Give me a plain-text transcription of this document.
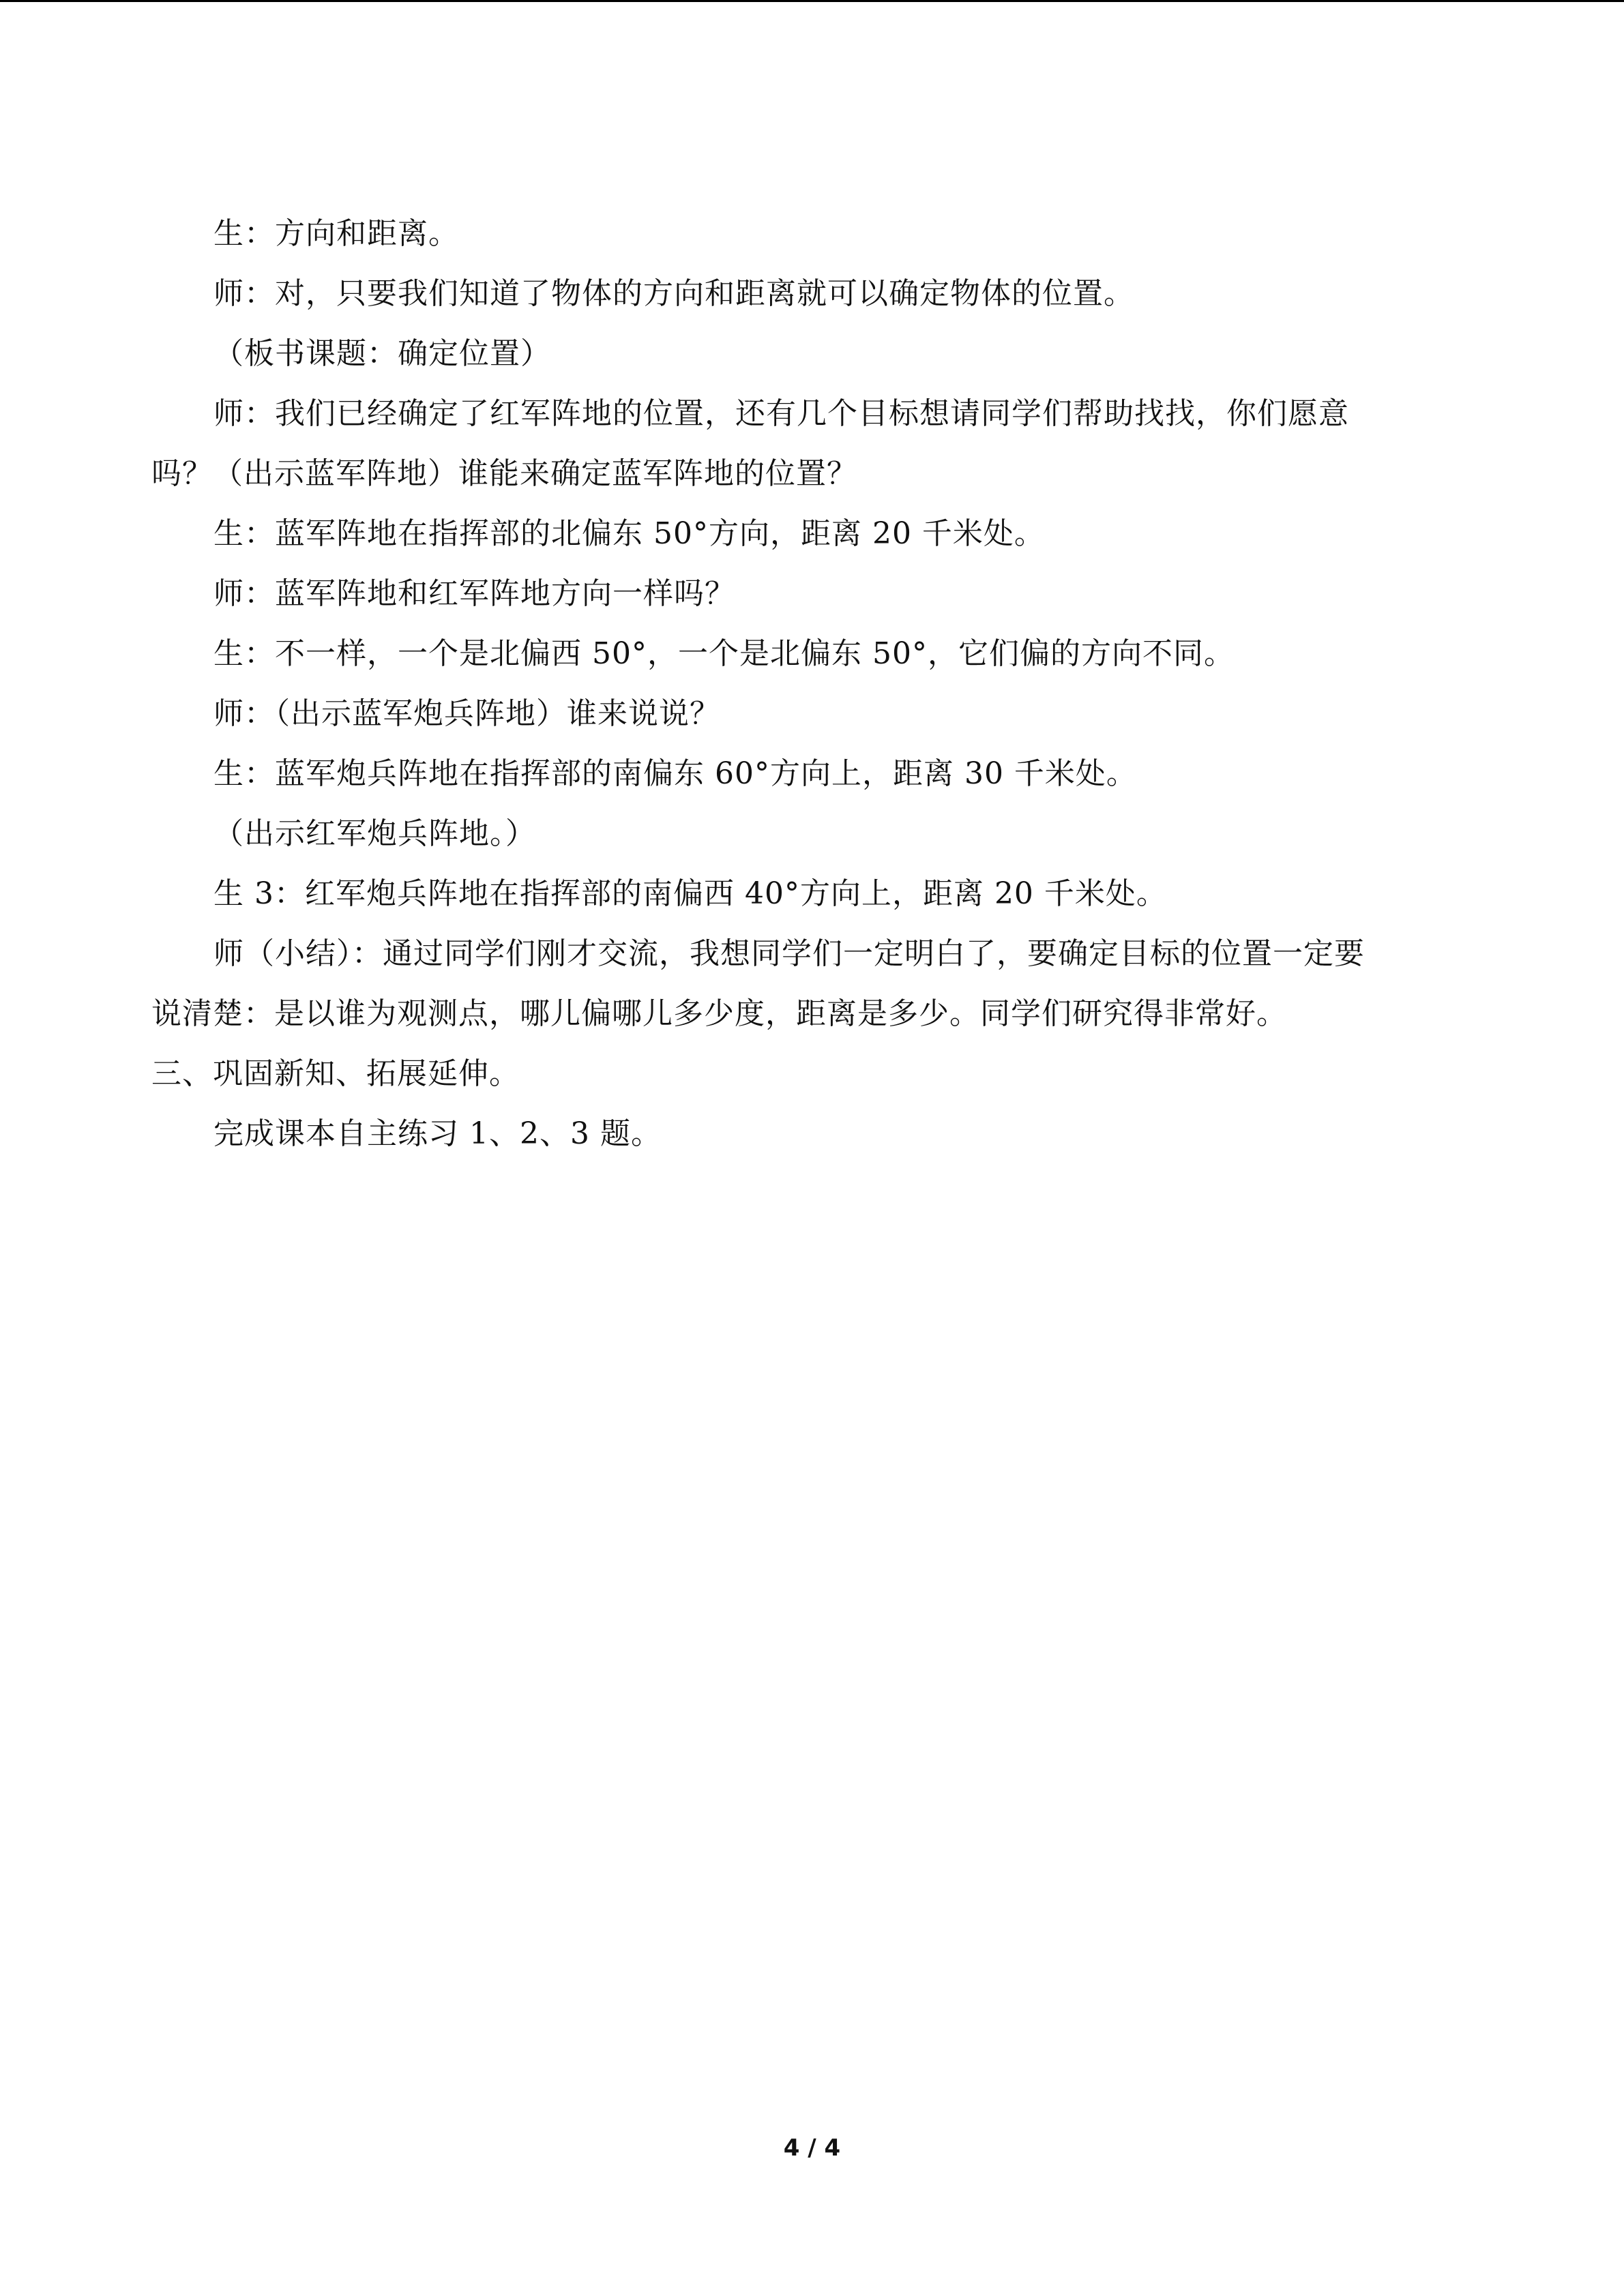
生：方向和距离。
师：对，只要我们知道了物体的方向和距离就可以确定物体的位置。
（板书课题：确定位置）
师：我们已经确定了红军阵地的位置，还有几个目标想请同学们帮助找找，你们愿意
吗？（出示蓝军阵地）谁能来确定蓝军阵地的位置？
生：蓝军阵地在指挥部的北偏东 50°方向，距离 20 千米处。
师：蓝军阵地和红军阵地方向一样吗？
生：不一样，一个是北偏西 50°，一个是北偏东 50°，它们偏的方向不同。
师：（出示蓝军炮兵阵地）谁来说说？
生：蓝军炮兵阵地在指挥部的南偏东 60°方向上，距离 30 千米处。
（出示红军炮兵阵地。）
生 3：红军炮兵阵地在指挥部的南偏西 40°方向上，距离 20 千米处。
师（小结）：通过同学们刚才交流，我想同学们一定明白了，要确定目标的位置一定要
说清楚：是以谁为观测点，哪儿偏哪儿多少度，距离是多少。同学们研究得非常好。
三、巩固新知、拓展延伸。
完成课本自主练习 1、2、3 题。
4 / 4
